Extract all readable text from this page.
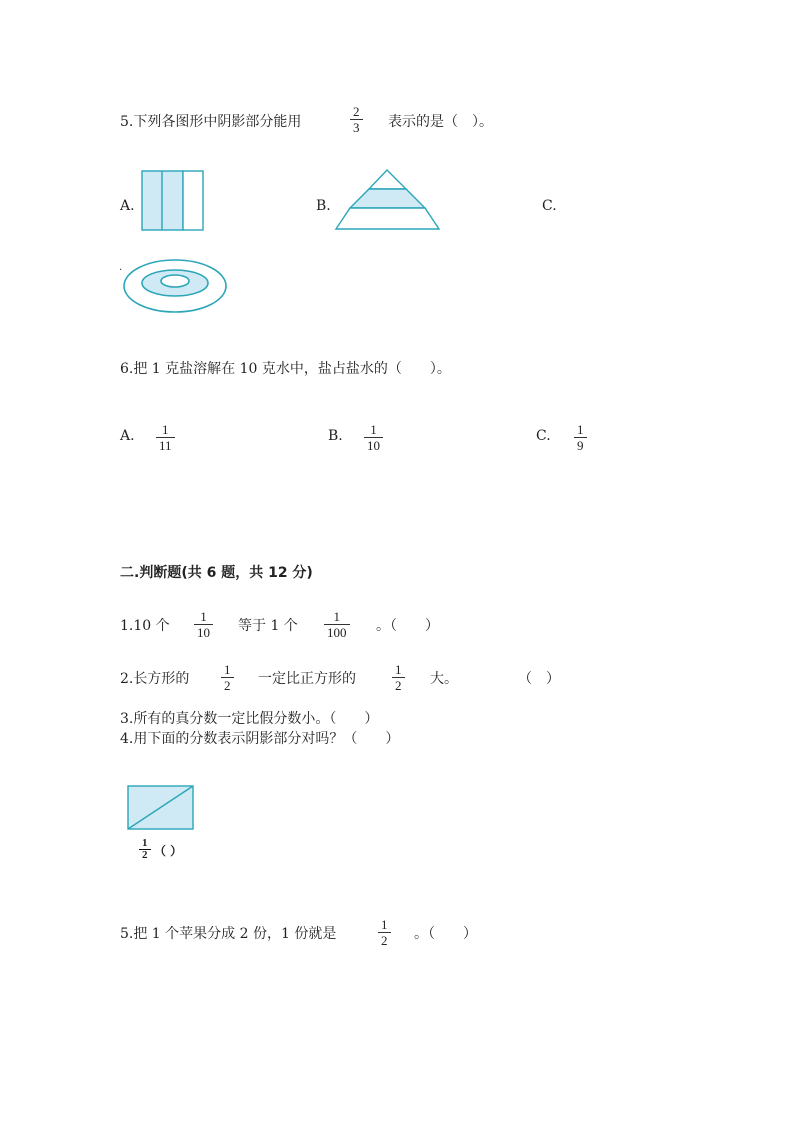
5.下列各图形中阴影部分能用	$\frac{2}{3}$ 表示的是（　）。
A.	B.	C.
.
6.把 1 克盐溶解在 10 克水中，盐占盐水的（　　）。
A. $\frac{1}{11}$	B. $\frac{1}{10}$	C. $\frac{1}{9}$
二.判断题(共 6 题，共 12 分)
1.10 个 $\frac{1}{10}$ 等于 1 个 $\frac{1}{100}$ 。（　　）
2.长方形的 $\frac{1}{2}$ 一定比正方形的	$\frac{1}{2}$ 大。	（　）
3.所有的真分数一定比假分数小。（　　）
4.用下面的分数表示阴影部分对吗？（　　）
$\frac{1}{2}$ （ ）
5.把 1 个苹果分成 2 份，1 份就是	$\frac{1}{2}$ 。（　　）
